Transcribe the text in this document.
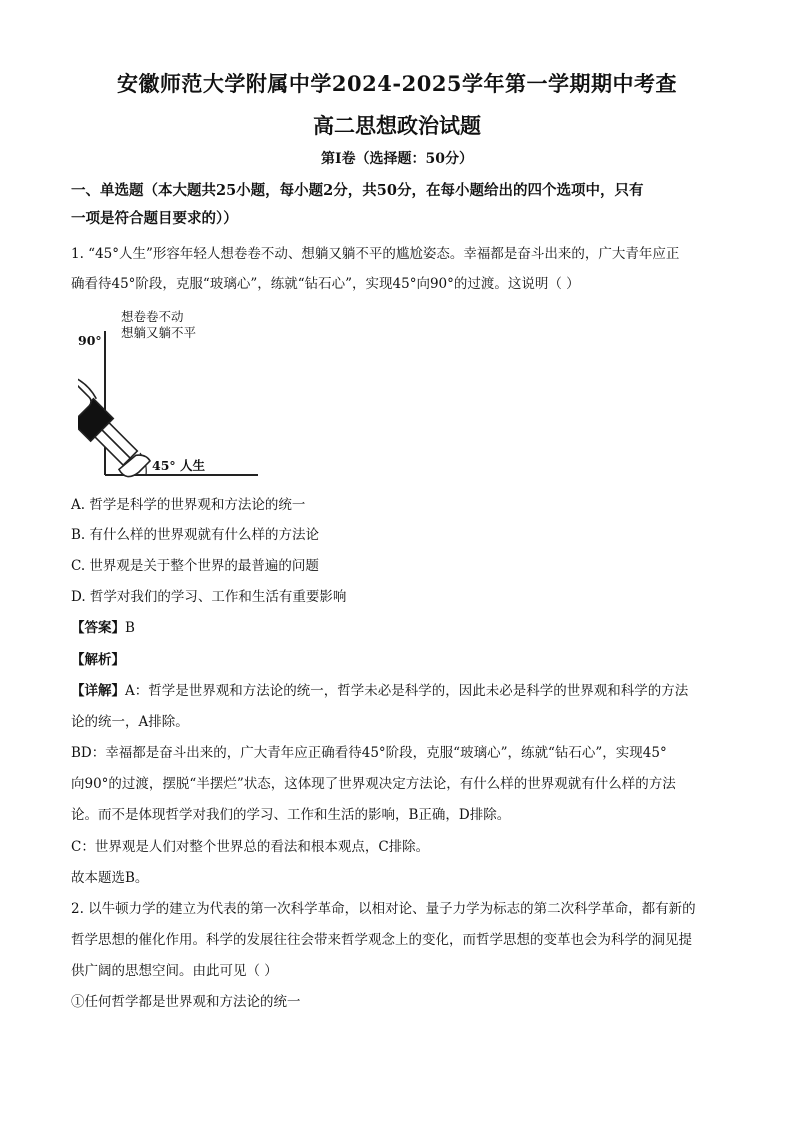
安徽师范大学附属中学2024-2025学年第一学期期中考查
高二思想政治试题
第Ⅰ卷（选择题：50分）
一、单选题（本大题共25小题，每小题2分，共50分，在每小题给出的四个选项中，只有
一项是符合题目要求的））
1. “45°人生”形容年轻人想卷卷不动、想躺又躺不平的尴尬姿态。幸福都是奋斗出来的，广大青年应正
确看待45°阶段，克服“玻璃心”，练就“钻石心”，实现45°向90°的过渡。这说明（ ）
90°
想卷卷不动
想躺又躺不平
45° 人生
A. 哲学是科学的世界观和方法论的统一
B. 有什么样的世界观就有什么样的方法论
C. 世界观是关于整个世界的最普遍的问题
D. 哲学对我们的学习、工作和生活有重要影响
【答案】B
【解析】
【详解】A：哲学是世界观和方法论的统一，哲学未必是科学的，因此未必是科学的世界观和科学的方法
论的统一，A排除。
BD：幸福都是奋斗出来的，广大青年应正确看待45°阶段，克服“玻璃心”，练就“钻石心”，实现45°
向90°的过渡，摆脱“半摆烂”状态，这体现了世界观决定方法论，有什么样的世界观就有什么样的方法
论。而不是体现哲学对我们的学习、工作和生活的影响，B正确，D排除。
C：世界观是人们对整个世界总的看法和根本观点，C排除。
故本题选B。
2. 以牛顿力学的建立为代表的第一次科学革命，以相对论、量子力学为标志的第二次科学革命，都有新的
哲学思想的催化作用。科学的发展往往会带来哲学观念上的变化，而哲学思想的变革也会为科学的洞见提
供广阔的思想空间。由此可见（ ）
①任何哲学都是世界观和方法论的统一
